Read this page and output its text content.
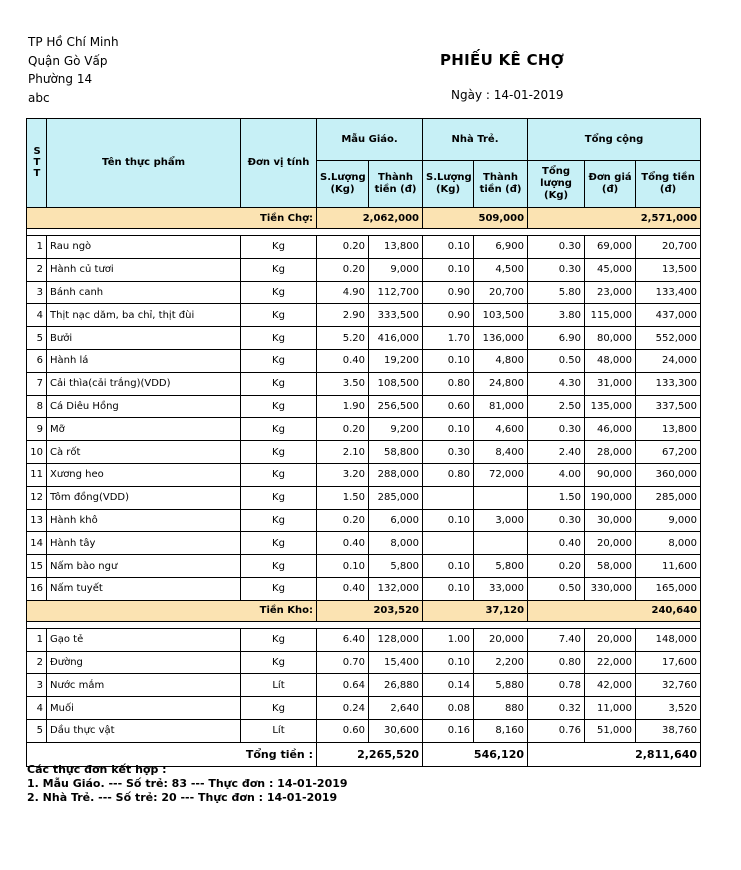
TP Hồ Chí Minh
Quận Gò Vấp
Phường 14
abc
PHIẾU KÊ CHỢ
Ngày : 14-01-2019
S T T	Tên thực phẩm	Đơn vị tính	Mẫu Giáo.		Nhà Trẻ.		Tổng cộng		
			S.Lượng (Kg)	Thành tiền (đ)	S.Lượng (Kg)	Thành tiền (đ)	Tổng lượng (Kg)	Đơn giá (đ)	Tổng tiền (đ)
Tiền Chợ:			2,062,000		509,000		2,571,000		

1	Rau ngò	Kg	0.20	13,800	0.10	6,900	0.30	69,000	20,700
2	Hành củ tươi	Kg	0.20	9,000	0.10	4,500	0.30	45,000	13,500
3	Bánh canh	Kg	4.90	112,700	0.90	20,700	5.80	23,000	133,400
4	Thịt nạc dăm, ba chỉ, thịt đùi	Kg	2.90	333,500	0.90	103,500	3.80	115,000	437,000
5	Bưởi	Kg	5.20	416,000	1.70	136,000	6.90	80,000	552,000
6	Hành lá	Kg	0.40	19,200	0.10	4,800	0.50	48,000	24,000
7	Cải thìa(cải trắng)(VDD)	Kg	3.50	108,500	0.80	24,800	4.30	31,000	133,300
8	Cá Diêu Hồng	Kg	1.90	256,500	0.60	81,000	2.50	135,000	337,500
9	Mỡ	Kg	0.20	9,200	0.10	4,600	0.30	46,000	13,800
10	Cà rốt	Kg	2.10	58,800	0.30	8,400	2.40	28,000	67,200
11	Xương heo	Kg	3.20	288,000	0.80	72,000	4.00	90,000	360,000
12	Tôm đồng(VDD)	Kg	1.50	285,000			1.50	190,000	285,000
13	Hành khô	Kg	0.20	6,000	0.10	3,000	0.30	30,000	9,000
14	Hành tây	Kg	0.40	8,000			0.40	20,000	8,000
15	Nấm bào ngư	Kg	0.10	5,800	0.10	5,800	0.20	58,000	11,600
16	Nấm tuyết	Kg	0.40	132,000	0.10	33,000	0.50	330,000	165,000
Tiền Kho:			203,520		37,120		240,640		

1	Gạo tẻ	Kg	6.40	128,000	1.00	20,000	7.40	20,000	148,000
2	Đường	Kg	0.70	15,400	0.10	2,200	0.80	22,000	17,600
3	Nước mắm	Lít	0.64	26,880	0.14	5,880	0.78	42,000	32,760
4	Muối	Kg	0.24	2,640	0.08	880	0.32	11,000	3,520
5	Dầu thực vật	Lít	0.60	30,600	0.16	8,160	0.76	51,000	38,760
Tổng tiền :			2,265,520		546,120		2,811,640		
Các thực đơn kết hợp :
1. Mẫu Giáo. --- Số trẻ: 83 --- Thực đơn : 14-01-2019
2. Nhà Trẻ. --- Số trẻ: 20 --- Thực đơn : 14-01-2019
